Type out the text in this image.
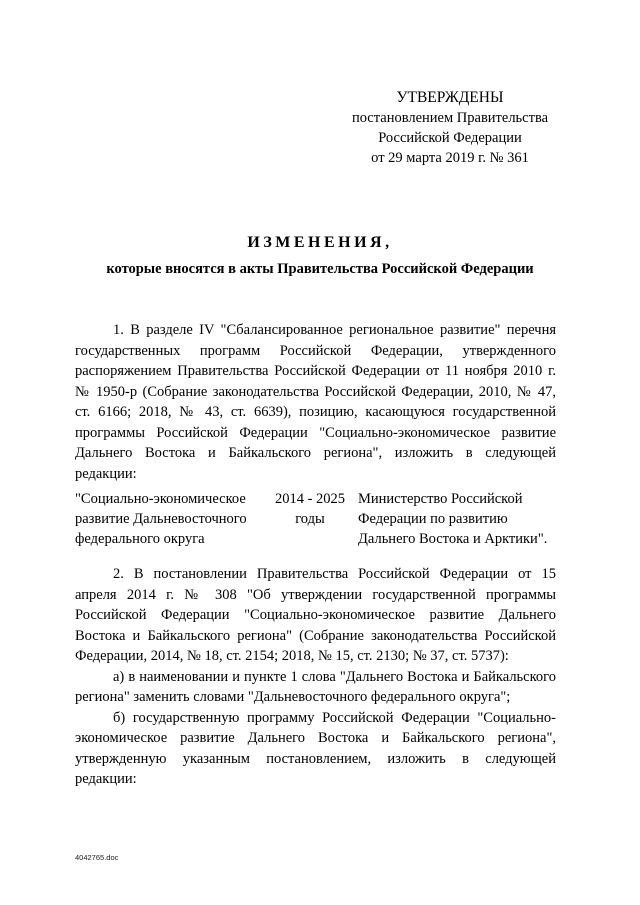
УТВЕРЖДЕНЫ
постановлением Правительства
Российской Федерации
от 29 марта 2019 г. № 361
ИЗМЕНЕНИЯ,
которые вносятся в акты Правительства Российской Федерации

1. В разделе IV "Сбалансированное региональное развитие" перечня государственных программ Российской Федерации, утвержденного распоряжением Правительства Российской Федерации от 11 ноября 2010 г. № 1950-р (Собрание законодательства Российской Федерации, 2010, № 47, ст. 6166; 2018, № 43, ст. 6639), позицию, касающуюся государственной программы Российской Федерации "Социально-экономическое развитие Дальнего Востока и Байкальского региона", изложить в следующей редакции:

"Социально-экономическое
развитие Дальневосточного
федерального округа
2014 - 2025
годы
Министерство Российской
Федерации по развитию
Дальнего Востока и Арктики".

2. В постановлении Правительства Российской Федерации от 15 апреля 2014 г. № 308 "Об утверждении государственной программы Российской Федерации "Социально-экономическое развитие Дальнего Востока и Байкальского региона" (Собрание законодательства Российской Федерации, 2014, № 18, ст. 2154; 2018, № 15, ст. 2130; № 37, ст. 5737):

а) в наименовании и пункте 1 слова "Дальнего Востока и Байкальского региона" заменить словами "Дальневосточного федерального округа";

б) государственную программу Российской Федерации "Социально-экономическое развитие Дальнего Востока и Байкальского региона", утвержденную указанным постановлением, изложить в следующей редакции:

4042765.doc
